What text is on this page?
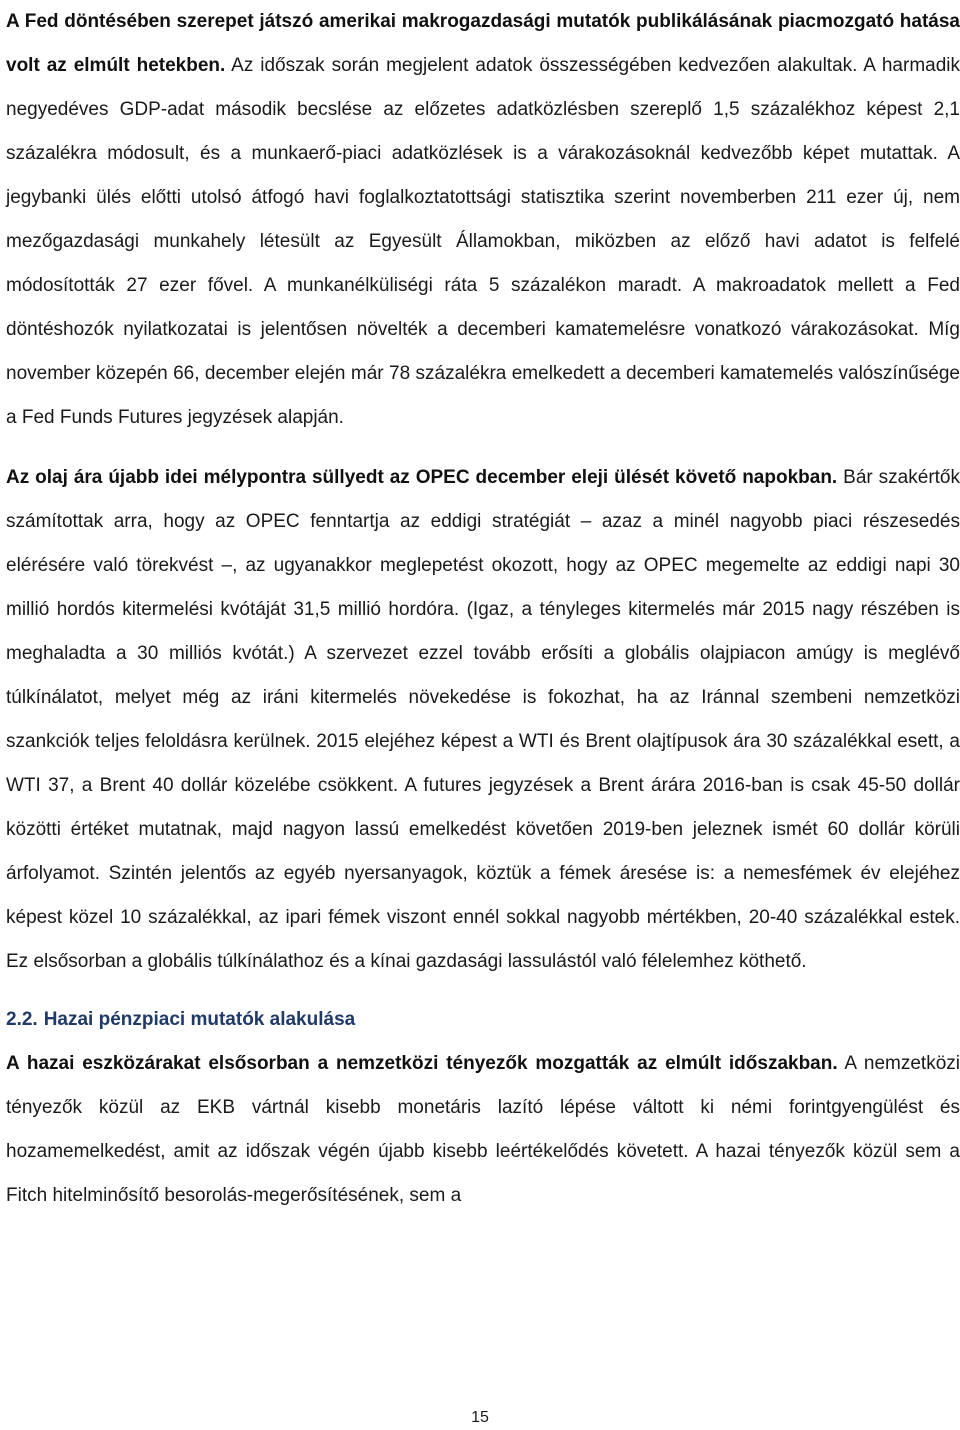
A Fed döntésében szerepet játszó amerikai makrogazdasági mutatók publikálásának piacmozgató hatása volt az elmúlt hetekben. Az időszak során megjelent adatok összességében kedvezően alakultak. A harmadik negyedéves GDP-adat második becslése az előzetes adatközlésben szereplő 1,5 százalékhoz képest 2,1 százalékra módosult, és a munkaerő-piaci adatközlések is a várakozásoknál kedvezőbb képet mutattak. A jegybanki ülés előtti utolsó átfogó havi foglalkoztatottsági statisztika szerint novemberben 211 ezer új, nem mezőgazdasági munkahely létesült az Egyesült Államokban, miközben az előző havi adatot is felfelé módosították 27 ezer fővel. A munkanélküliségi ráta 5 százalékon maradt. A makroadatok mellett a Fed döntéshozók nyilatkozatai is jelentősen növelték a decemberi kamatemelésre vonatkozó várakozásokat. Míg november közepén 66, december elején már 78 százalékra emelkedett a decemberi kamatemelés valószínűsége a Fed Funds Futures jegyzések alapján.

Az olaj ára újabb idei mélypontra süllyedt az OPEC december eleji ülését követő napokban. Bár szakértők számítottak arra, hogy az OPEC fenntartja az eddigi stratégiát – azaz a minél nagyobb piaci részesedés elérésére való törekvést –, az ugyanakkor meglepetést okozott, hogy az OPEC megemelte az eddigi napi 30 millió hordós kitermelési kvótáját 31,5 millió hordóra. (Igaz, a tényleges kitermelés már 2015 nagy részében is meghaladta a 30 milliós kvótát.) A szervezet ezzel tovább erősíti a globális olajpiacon amúgy is meglévő túlkínálatot, melyet még az iráni kitermelés növekedése is fokozhat, ha az Iránnal szembeni nemzetközi szankciók teljes feloldásra kerülnek. 2015 elejéhez képest a WTI és Brent olajtípusok ára 30 százalékkal esett, a WTI 37, a Brent 40 dollár közelébe csökkent. A futures jegyzések a Brent árára 2016-ban is csak 45-50 dollár közötti értéket mutatnak, majd nagyon lassú emelkedést követően 2019-ben jeleznek ismét 60 dollár körüli árfolyamot. Szintén jelentős az egyéb nyersanyagok, köztük a fémek áresése is: a nemesfémek év elejéhez képest közel 10 százalékkal, az ipari fémek viszont ennél sokkal nagyobb mértékben, 20-40 százalékkal estek. Ez elsősorban a globális túlkínálathoz és a kínai gazdasági lassulástól való félelemhez köthető.

2.2. Hazai pénzpiaci mutatók alakulása

A hazai eszközárakat elsősorban a nemzetközi tényezők mozgatták az elmúlt időszakban. A nemzetközi tényezők közül az EKB vártnál kisebb monetáris lazító lépése váltott ki némi forintgyengülést és hozamemelkedést, amit az időszak végén újabb kisebb leértékelődés követett. A hazai tényezők közül sem a Fitch hitelminősítő besorolás-megerősítésének, sem a

15
